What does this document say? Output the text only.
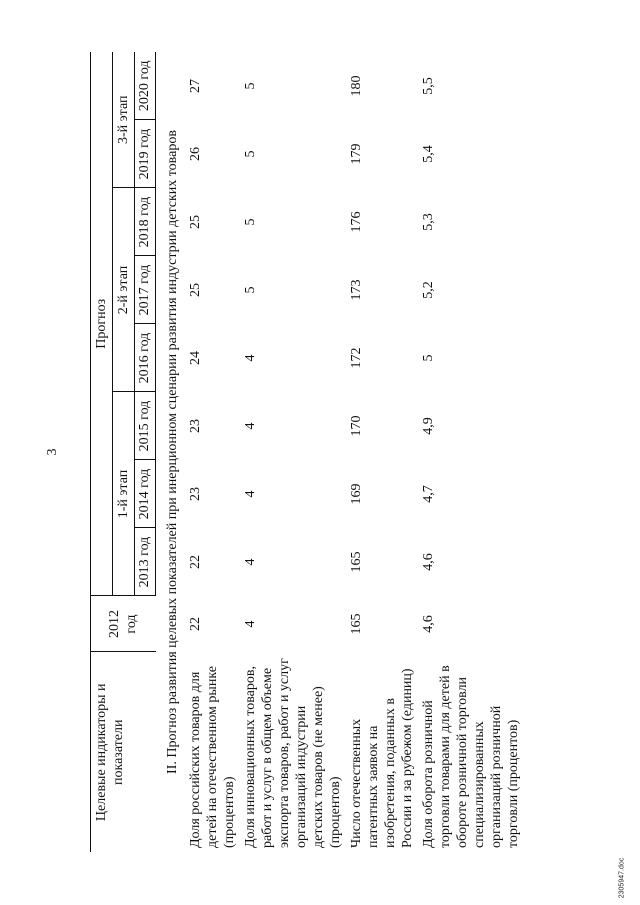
3
Целевые индикаторы и показатели	2012 год	Прогноз							
		1-й этап			2-й этап			3-й этап	

		2013 год	2014 год	2015 год	2016 год	2017 год	2018 год	2019 год	2020 год
II. Прогноз развития целевых показателей при инерционном сценарии развития индустрии детских товаров									
Доля российских товаров для детей на отечественном рынке (процентов)	22	22	23	23	24	25	25	26	27
Доля инновационных товаров, работ и услуг в общем объеме экспорта товаров, работ и услуг организаций индустрии детских товаров (не менее) (процентов)	4	4	4	4	4	5	5	5	5
Число отечественных патентных заявок на изобретения, поданных в России и за рубежом (единиц)	165	165	169	170	172	173	176	179	180
Доля оборота розничной торговли товарами для детей в обороте розничной торговли специализированных организаций розничной торговли (процентов)	4,6	4,6	4,7	4,9	5	5,2	5,3	5,4	5,5
2305947.doc
